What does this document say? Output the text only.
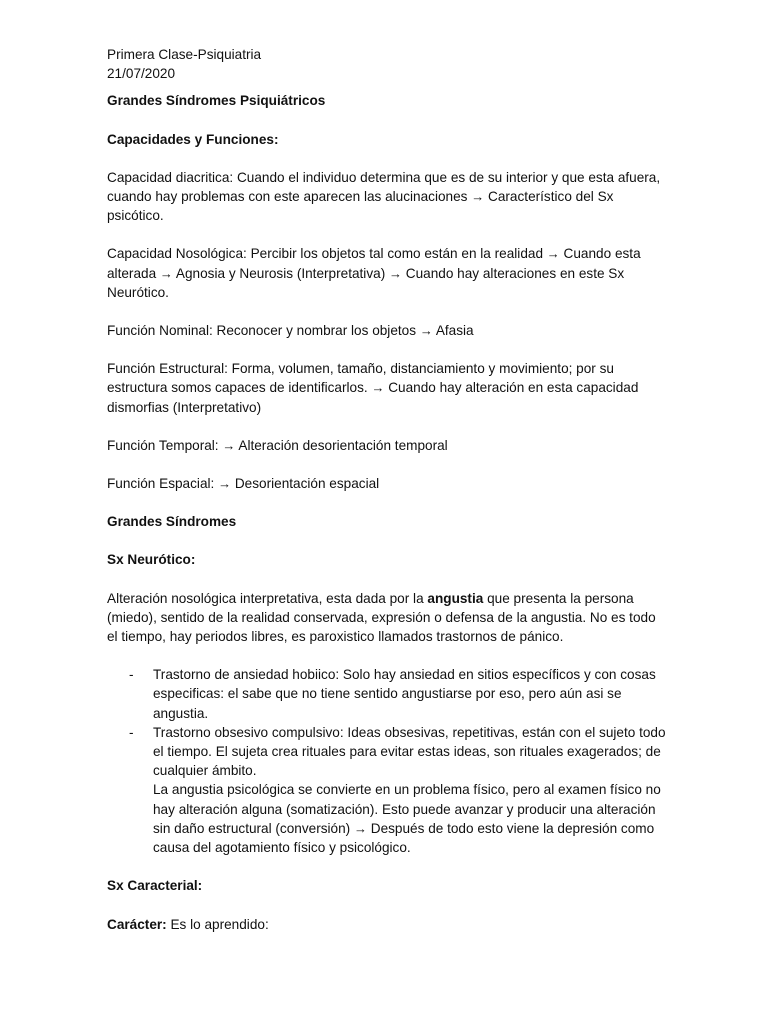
Primera Clase-Psiquiatria

21/07/2020

Grandes Síndromes Psiquiátricos

Capacidades y Funciones:

Capacidad diacritica: Cuando el individuo determina que es de su interior y que esta afuera, cuando hay problemas con este aparecen las alucinaciones → Característico del Sx psicótico.

Capacidad Nosológica: Percibir los objetos tal como están en la realidad → Cuando esta alterada → Agnosia y Neurosis (Interpretativa) → Cuando hay alteraciones en este Sx Neurótico.

Función Nominal: Reconocer y nombrar los objetos → Afasia

Función Estructural: Forma, volumen, tamaño, distanciamiento y movimiento; por su estructura somos capaces de identificarlos. → Cuando hay alteración en esta capacidad dismorfias (Interpretativo)

Función Temporal: → Alteración desorientación temporal

Función Espacial: → Desorientación espacial

Grandes Síndromes

Sx Neurótico:

Alteración nosológica interpretativa, esta dada por la angustia que presenta la persona (miedo), sentido de la realidad conservada, expresión o defensa de la angustia. No es todo el tiempo, hay periodos libres, es paroxistico llamados trastornos de pánico.

- Trastorno de ansiedad hobiico: Solo hay ansiedad en sitios específicos y con cosas especificas: el sabe que no tiene sentido angustiarse por eso, pero aún asi se angustia.
- Trastorno obsesivo compulsivo: Ideas obsesivas, repetitivas, están con el sujeto todo el tiempo. El sujeta crea rituales para evitar estas ideas, son rituales exagerados; de cualquier ámbito.
La angustia psicológica se convierte en un problema físico, pero al examen físico no hay alteración alguna (somatización). Esto puede avanzar y producir una alteración sin daño estructural (conversión) → Después de todo esto viene la depresión como causa del agotamiento físico y psicológico.

Sx Caracterial:

Carácter: Es lo aprendido:
